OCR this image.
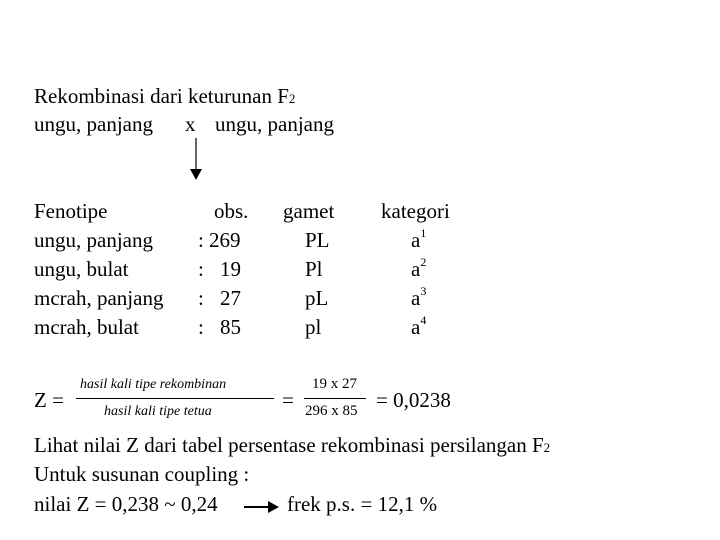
Rekombinasi dari keturunan F2
ungu, panjang x ungu, panjang
Fenotipe	obs. gamet kategori
ungu, panjang : 269	PL	$a^1$
ungu, bulat	: 19	Pl	$a^2$
mcrah, panjang : 27	pL	$a^3$
mcrah, bulat	: 85	pl	$a^4$
Z =
hasil kali tipe rekombinan
hasil kali tipe tetua	=
19 x 27
296 x 85 = 0,0238
Lihat nilai Z dari tabel persentase rekombinasi persilangan F2
Untuk susunan coupling :
nilai Z = 0,238 ~ 0,24	frek p.s. = 12,1 %
